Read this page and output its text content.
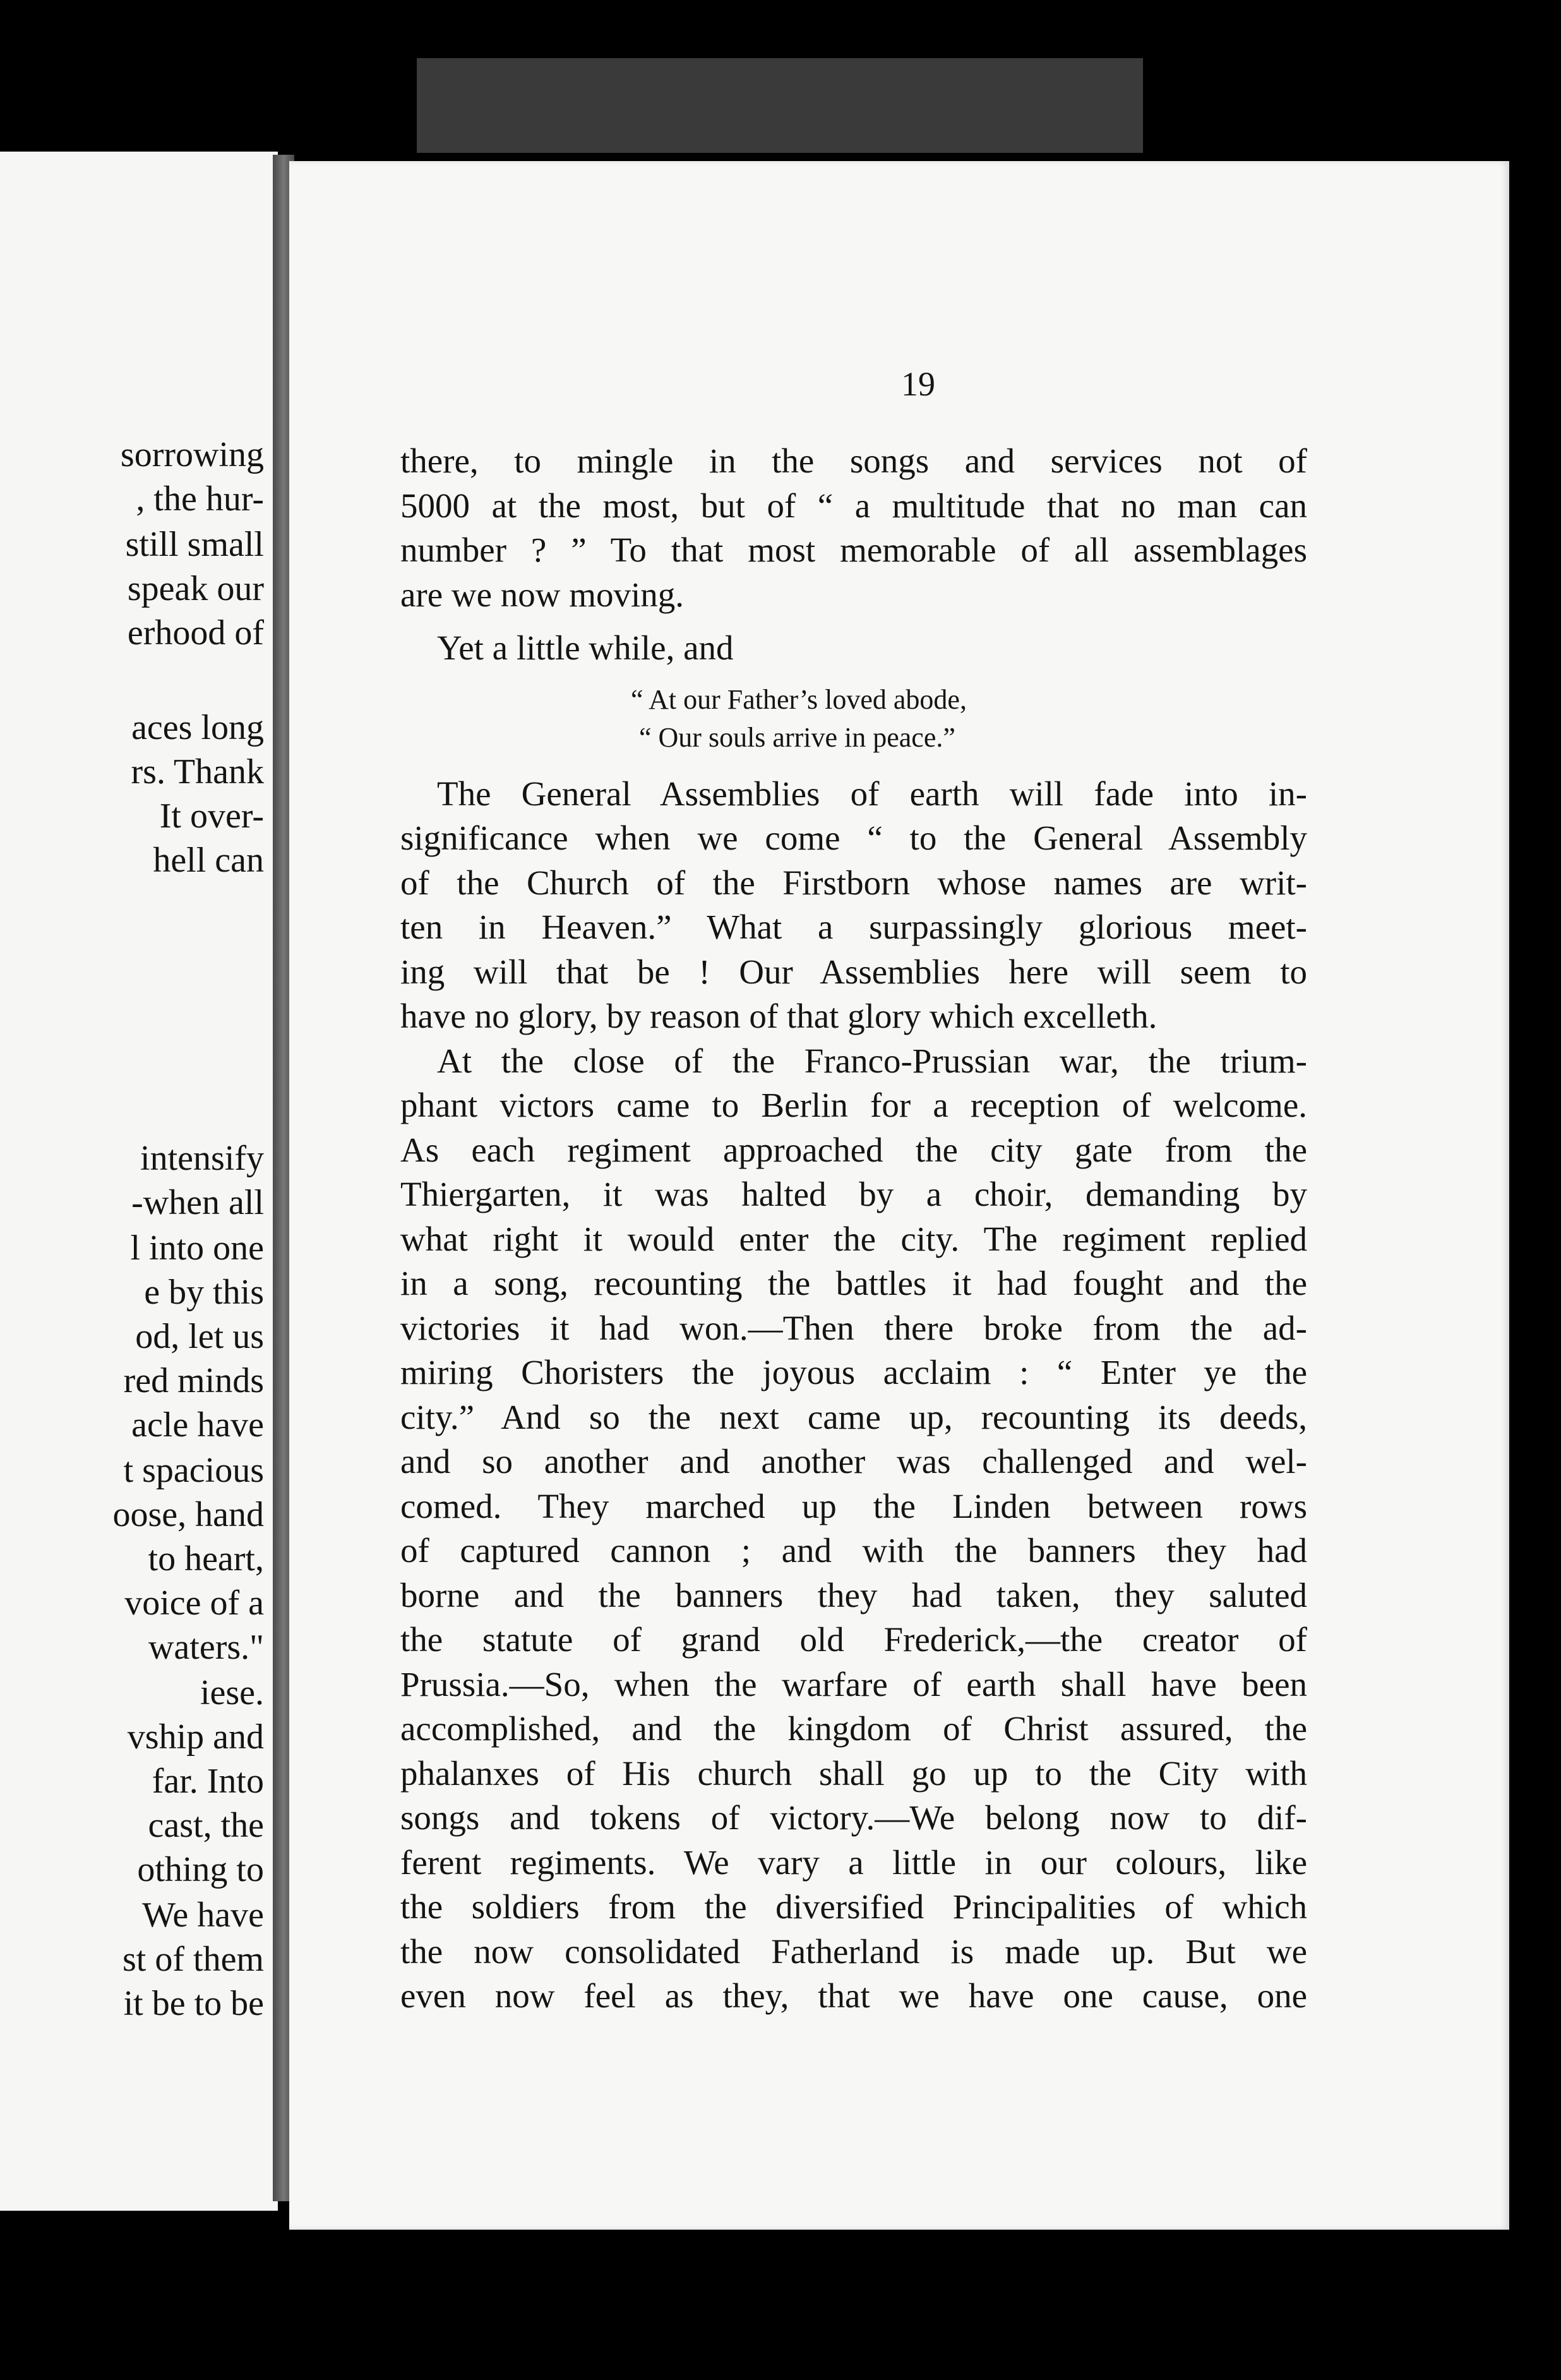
sorrowing
, the hur-
still small
speak our
erhood of
aces long
rs. Thank
It over-
hell can
intensify
-when all
l into one
e by this
od, let us
red minds
acle have
t spacious
oose, hand
to heart,
voice of a
waters."
iese.
vship and
far. Into
cast, the
othing to
We have
st of them
it be to be
19
there, to mingle in the songs and services not of
5000 at the most, but of “ a multitude that no man can
number ? ” To that most memorable of all assemblages
are we now moving.
Yet a little while, and
“ At our Father’s loved abode,
“ Our souls arrive in peace.”
The General Assemblies of earth will fade into in-
significance when we come “ to the General Assembly
of the Church of the Firstborn whose names are writ-
ten in Heaven.” What a surpassingly glorious meet-
ing will that be ! Our Assemblies here will seem to
have no glory, by reason of that glory which excelleth.
At the close of the Franco-Prussian war, the trium-
phant victors came to Berlin for a reception of welcome.
As each regiment approached the city gate from the
Thiergarten, it was halted by a choir, demanding by
what right it would enter the city. The regiment replied
in a song, recounting the battles it had fought and the
victories it had won.—Then there broke from the ad-
miring Choristers the joyous acclaim : “ Enter ye the
city.” And so the next came up, recounting its deeds,
and so another and another was challenged and wel-
comed. They marched up the Linden between rows
of captured cannon ; and with the banners they had
borne and the banners they had taken, they saluted
the statute of grand old Frederick,—the creator of
Prussia.—So, when the warfare of earth shall have been
accomplished, and the kingdom of Christ assured, the
phalanxes of His church shall go up to the City with
songs and tokens of victory.—We belong now to dif-
ferent regiments. We vary a little in our colours, like
the soldiers from the diversified Principalities of which
the now consolidated Fatherland is made up. But we
even now feel as they, that we have one cause, one
